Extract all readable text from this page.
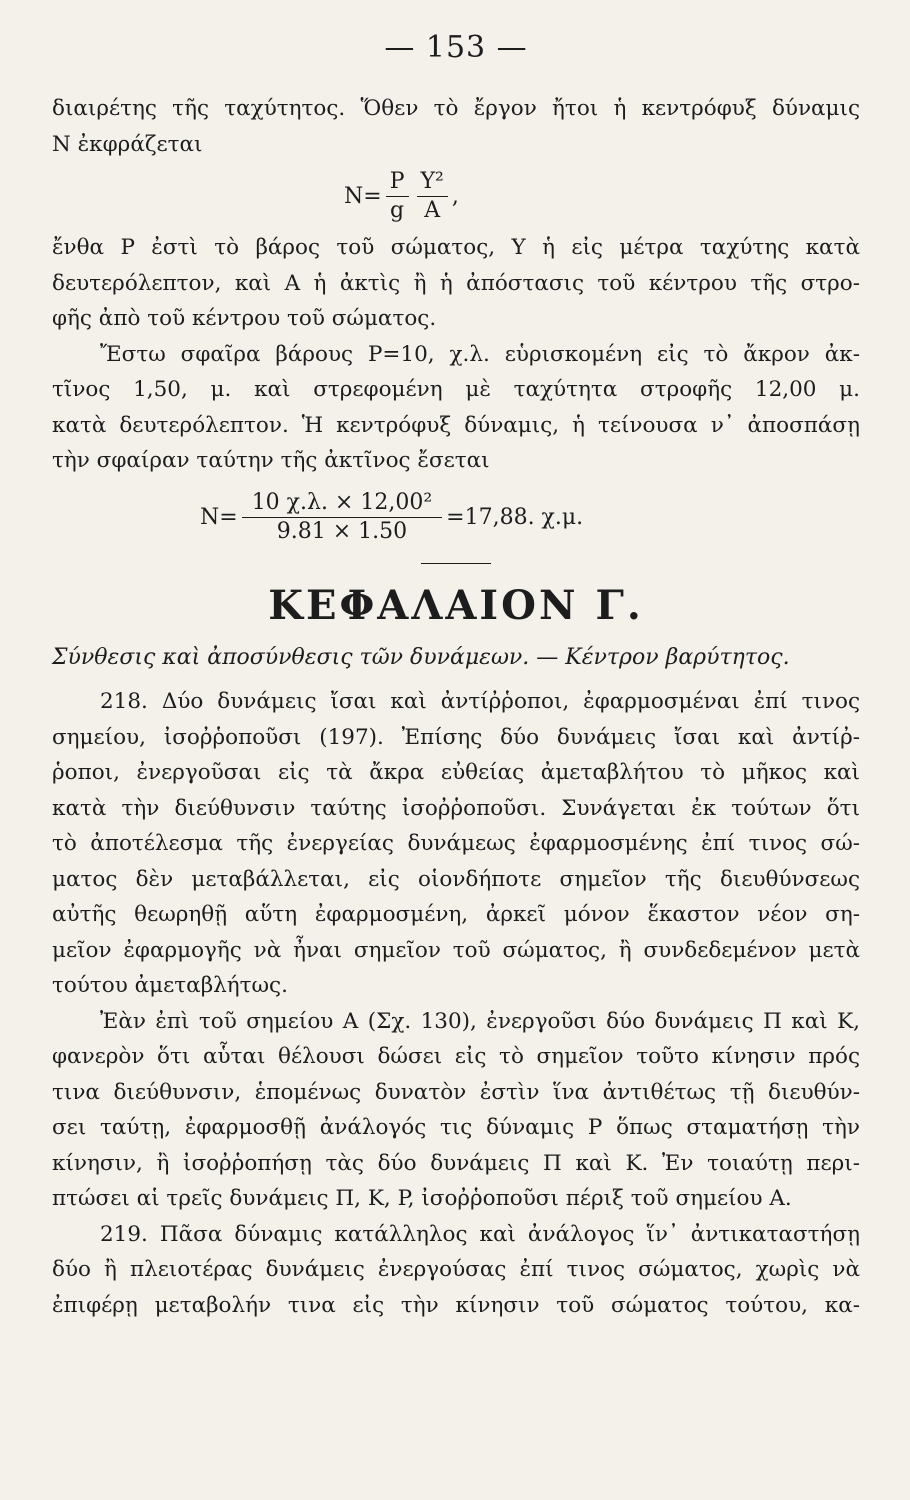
— 153 —
διαιρέτης τῆς ταχύτητος. Ὅθεν τὸ ἔργον ἤτοι ἡ κεντρόφυξ δύναμις
N ἐκφράζεται
$N = \frac{P}{g} \frac{\text{Y²}}{A}$ ,
ἔνθα P ἐστὶ τὸ βάρος τοῦ σώματος, Y ἡ εἰς μέτρα ταχύτης κατὰ
δευτερόλεπτον, καὶ A ἡ ἀκτὶς ἢ ἡ ἀπόστασις τοῦ κέντρου τῆς στρο-
φῆς ἀπὸ τοῦ κέντρου τοῦ σώματος.
Ἔστω σφαῖρα βάρους P=10, χ.λ. εὑρισκομένη εἰς τὸ ἄκρον ἀκ-
τῖνος 1,50, μ. καὶ στρεφομένη μὲ ταχύτητα στροφῆς 12,00 μ.
κατὰ δευτερόλεπτον. Ἡ κεντρόφυξ δύναμις, ἡ τείνουσα ν᾽ ἀποσπάσῃ
τὴν σφαίραν ταύτην τῆς ἀκτῖνος ἔσεται
$N = \frac{\text{10 χ.λ. × 12,00²}}{9.81 \times 1.50} =17,88$. χ.μ.
ΚΕΦΑΛΑΙΟΝ Γ.
Σύνθεσις καὶ ἀποσύνθεσις τῶν δυνάμεων. — Κέντρον βαρύτητος.
218. Δύο δυνάμεις ἴσαι καὶ ἀντίῤῥοποι, ἐφαρμοσμέναι ἐπί τινος
σημείου, ἰσοῤῥοποῦσι (197). Ἐπίσης δύο δυνάμεις ἴσαι καὶ ἀντίῤ-
ῥοποι, ἐνεργοῦσαι εἰς τὰ ἄκρα εὐθείας ἀμεταβλήτου τὸ μῆκος καὶ
κατὰ τὴν διεύθυνσιν ταύτης ἰσοῤῥοποῦσι. Συνάγεται ἐκ τούτων ὅτι
τὸ ἀποτέλεσμα τῆς ἐνεργείας δυνάμεως ἐφαρμοσμένης ἐπί τινος σώ-
ματος δὲν μεταβάλλεται, εἰς οἱονδήποτε σημεῖον τῆς διευθύνσεως
αὐτῆς θεωρηθῇ αὕτη ἐφαρμοσμένη, ἀρκεῖ μόνον ἕκαστον νέον ση-
μεῖον ἐφαρμογῆς νὰ ἦναι σημεῖον τοῦ σώματος, ἢ συνδεδεμένον μετὰ
τούτου ἀμεταβλήτως.
Ἐὰν ἐπὶ τοῦ σημείου A (Σχ. 130), ἐνεργοῦσι δύο δυνάμεις Π καὶ K,
φανερὸν ὅτι αὗται θέλουσι δώσει εἰς τὸ σημεῖον τοῦτο κίνησιν πρός
τινα διεύθυνσιν, ἑπομένως δυνατὸν ἐστὶν ἵνα ἀντιθέτως τῇ διευθύν-
σει ταύτῃ, ἐφαρμοσθῇ ἀνάλογός τις δύναμις P ὅπως σταματήσῃ τὴν
κίνησιν, ἢ ἰσοῤῥοπήσῃ τὰς δύο δυνάμεις Π καὶ K. Ἐν τοιαύτῃ περι-
πτώσει αἱ τρεῖς δυνάμεις Π, K, P, ἰσοῤῥοποῦσι πέριξ τοῦ σημείου A.
219. Πᾶσα δύναμις κατάλληλος καὶ ἀνάλογος ἵν᾽ ἀντικαταστήσῃ
δύο ἢ πλειοτέρας δυνάμεις ἐνεργούσας ἐπί τινος σώματος, χωρὶς νὰ
ἐπιφέρῃ μεταβολήν τινα εἰς τὴν κίνησιν τοῦ σώματος τούτου, κα-
